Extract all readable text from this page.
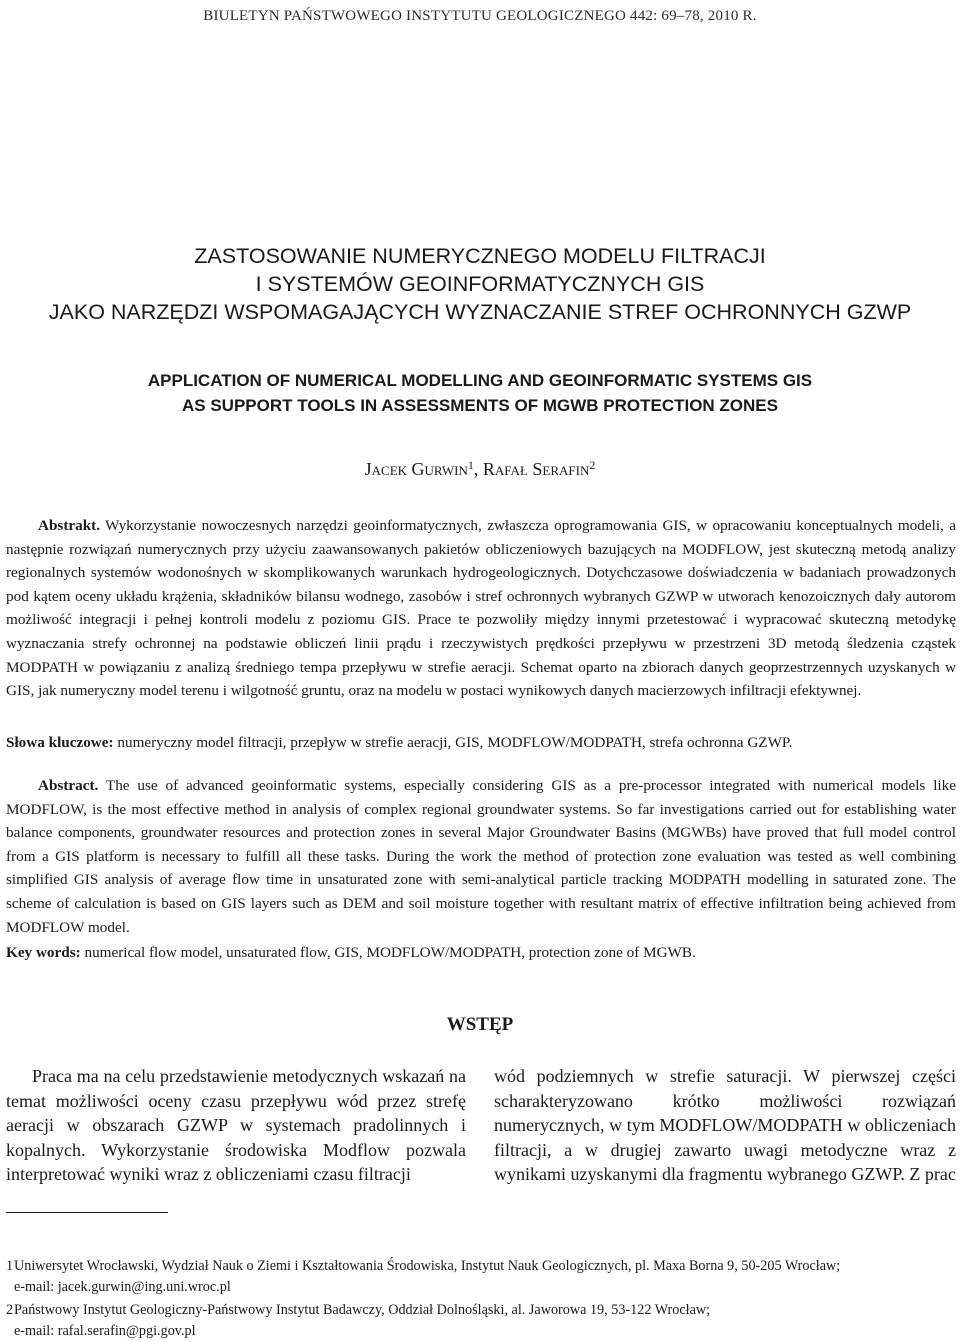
BIULETYN PAŃSTWOWEGO INSTYTUTU GEOLOGICZNEGO 442: 69–78, 2010 R.
ZASTOSOWANIE NUMERYCZNEGO MODELU FILTRACJI
I SYSTEMÓW GEOINFORMATYCZNYCH GIS
JAKO NARZĘDZI WSPOMAGAJĄCYCH WYZNACZANIE STREF OCHRONNYCH GZWP
APPLICATION OF NUMERICAL MODELLING AND GEOINFORMATIC SYSTEMS GIS
AS SUPPORT TOOLS IN ASSESSMENTS OF MGWB PROTECTION ZONES
Jacek Gurwin$^1$, Rafał Serafin$^2$

Abstrakt. Wykorzystanie nowoczesnych narzędzi geoinformatycznych, zwłaszcza oprogramowania GIS, w opracowaniu konceptualnych modeli, a następnie rozwiązań numerycznych przy użyciu zaawansowanych pakietów obliczeniowych bazujących na MODFLOW, jest skuteczną metodą analizy regionalnych systemów wodonośnych w skomplikowanych warunkach hydrogeologicznych. Dotychczasowe doświadczenia w badaniach prowadzonych pod kątem oceny układu krążenia, składników bilansu wodnego, zasobów i stref ochronnych wybranych GZWP w utworach kenozoicznych dały autorom możliwość integracji i pełnej kontroli modelu z poziomu GIS. Prace te pozwoliły między innymi przetestować i wypracować skuteczną metodykę wyznaczania strefy ochronnej na podstawie obliczeń linii prądu i rzeczywistych prędkości przepływu w przestrzeni 3D metodą śledzenia cząstek MODPATH w powiązaniu z analizą średniego tempa przepływu w strefie aeracji. Schemat oparto na zbiorach danych geoprzestrzennych uzyskanych w GIS, jak numeryczny model terenu i wilgotność gruntu, oraz na modelu w postaci wynikowych danych macierzowych infiltracji efektywnej.

Słowa kluczowe: numeryczny model filtracji, przepływ w strefie aeracji, GIS, MODFLOW/MODPATH, strefa ochronna GZWP.

Abstract. The use of advanced geoinformatic systems, especially considering GIS as a pre-processor integrated with numerical models like MODFLOW, is the most effective method in analysis of complex regional groundwater systems. So far investigations carried out for establishing water balance components, groundwater resources and protection zones in several Major Groundwater Basins (MGWBs) have proved that full model control from a GIS platform is necessary to fulfill all these tasks. During the work the method of protection zone evaluation was tested as well combining simplified GIS analysis of average flow time in unsaturated zone with semi-analytical particle tracking MODPATH modelling in saturated zone. The scheme of calculation is based on GIS layers such as DEM and soil moisture together with resultant matrix of effective infiltration being achieved from MODFLOW model.

Key words: numerical flow model, unsaturated flow, GIS, MODFLOW/MODPATH, protection zone of MGWB.

WSTĘP

Praca ma na celu przedstawienie metodycznych wskazań na temat możliwości oceny czasu przepływu wód przez strefę aeracji w obszarach GZWP w systemach pradolinnych i kopalnych. Wykorzystanie środowiska Modflow pozwala interpretować wyniki wraz z obliczeniami czasu filtracji

wód podziemnych w strefie saturacji. W pierwszej części scharakteryzowano krótko możliwości rozwiązań numerycznych, w tym MODFLOW/MODPATH w obliczeniach filtracji, a w drugiej zawarto uwagi metodyczne wraz z wynikami uzyskanymi dla fragmentu wybranego GZWP. Z prac

1 Uniwersytet Wrocławski, Wydział Nauk o Ziemi i Kształtowania Środowiska, Instytut Nauk Geologicznych, pl. Maxa Borna 9, 50-205 Wrocław;
e-mail: jacek.gurwin@ing.uni.wroc.pl
2 Państwowy Instytut Geologiczny-Państwowy Instytut Badawczy, Oddział Dolnośląski, al. Jaworowa 19, 53-122 Wrocław;
e-mail: rafal.serafin@pgi.gov.pl
